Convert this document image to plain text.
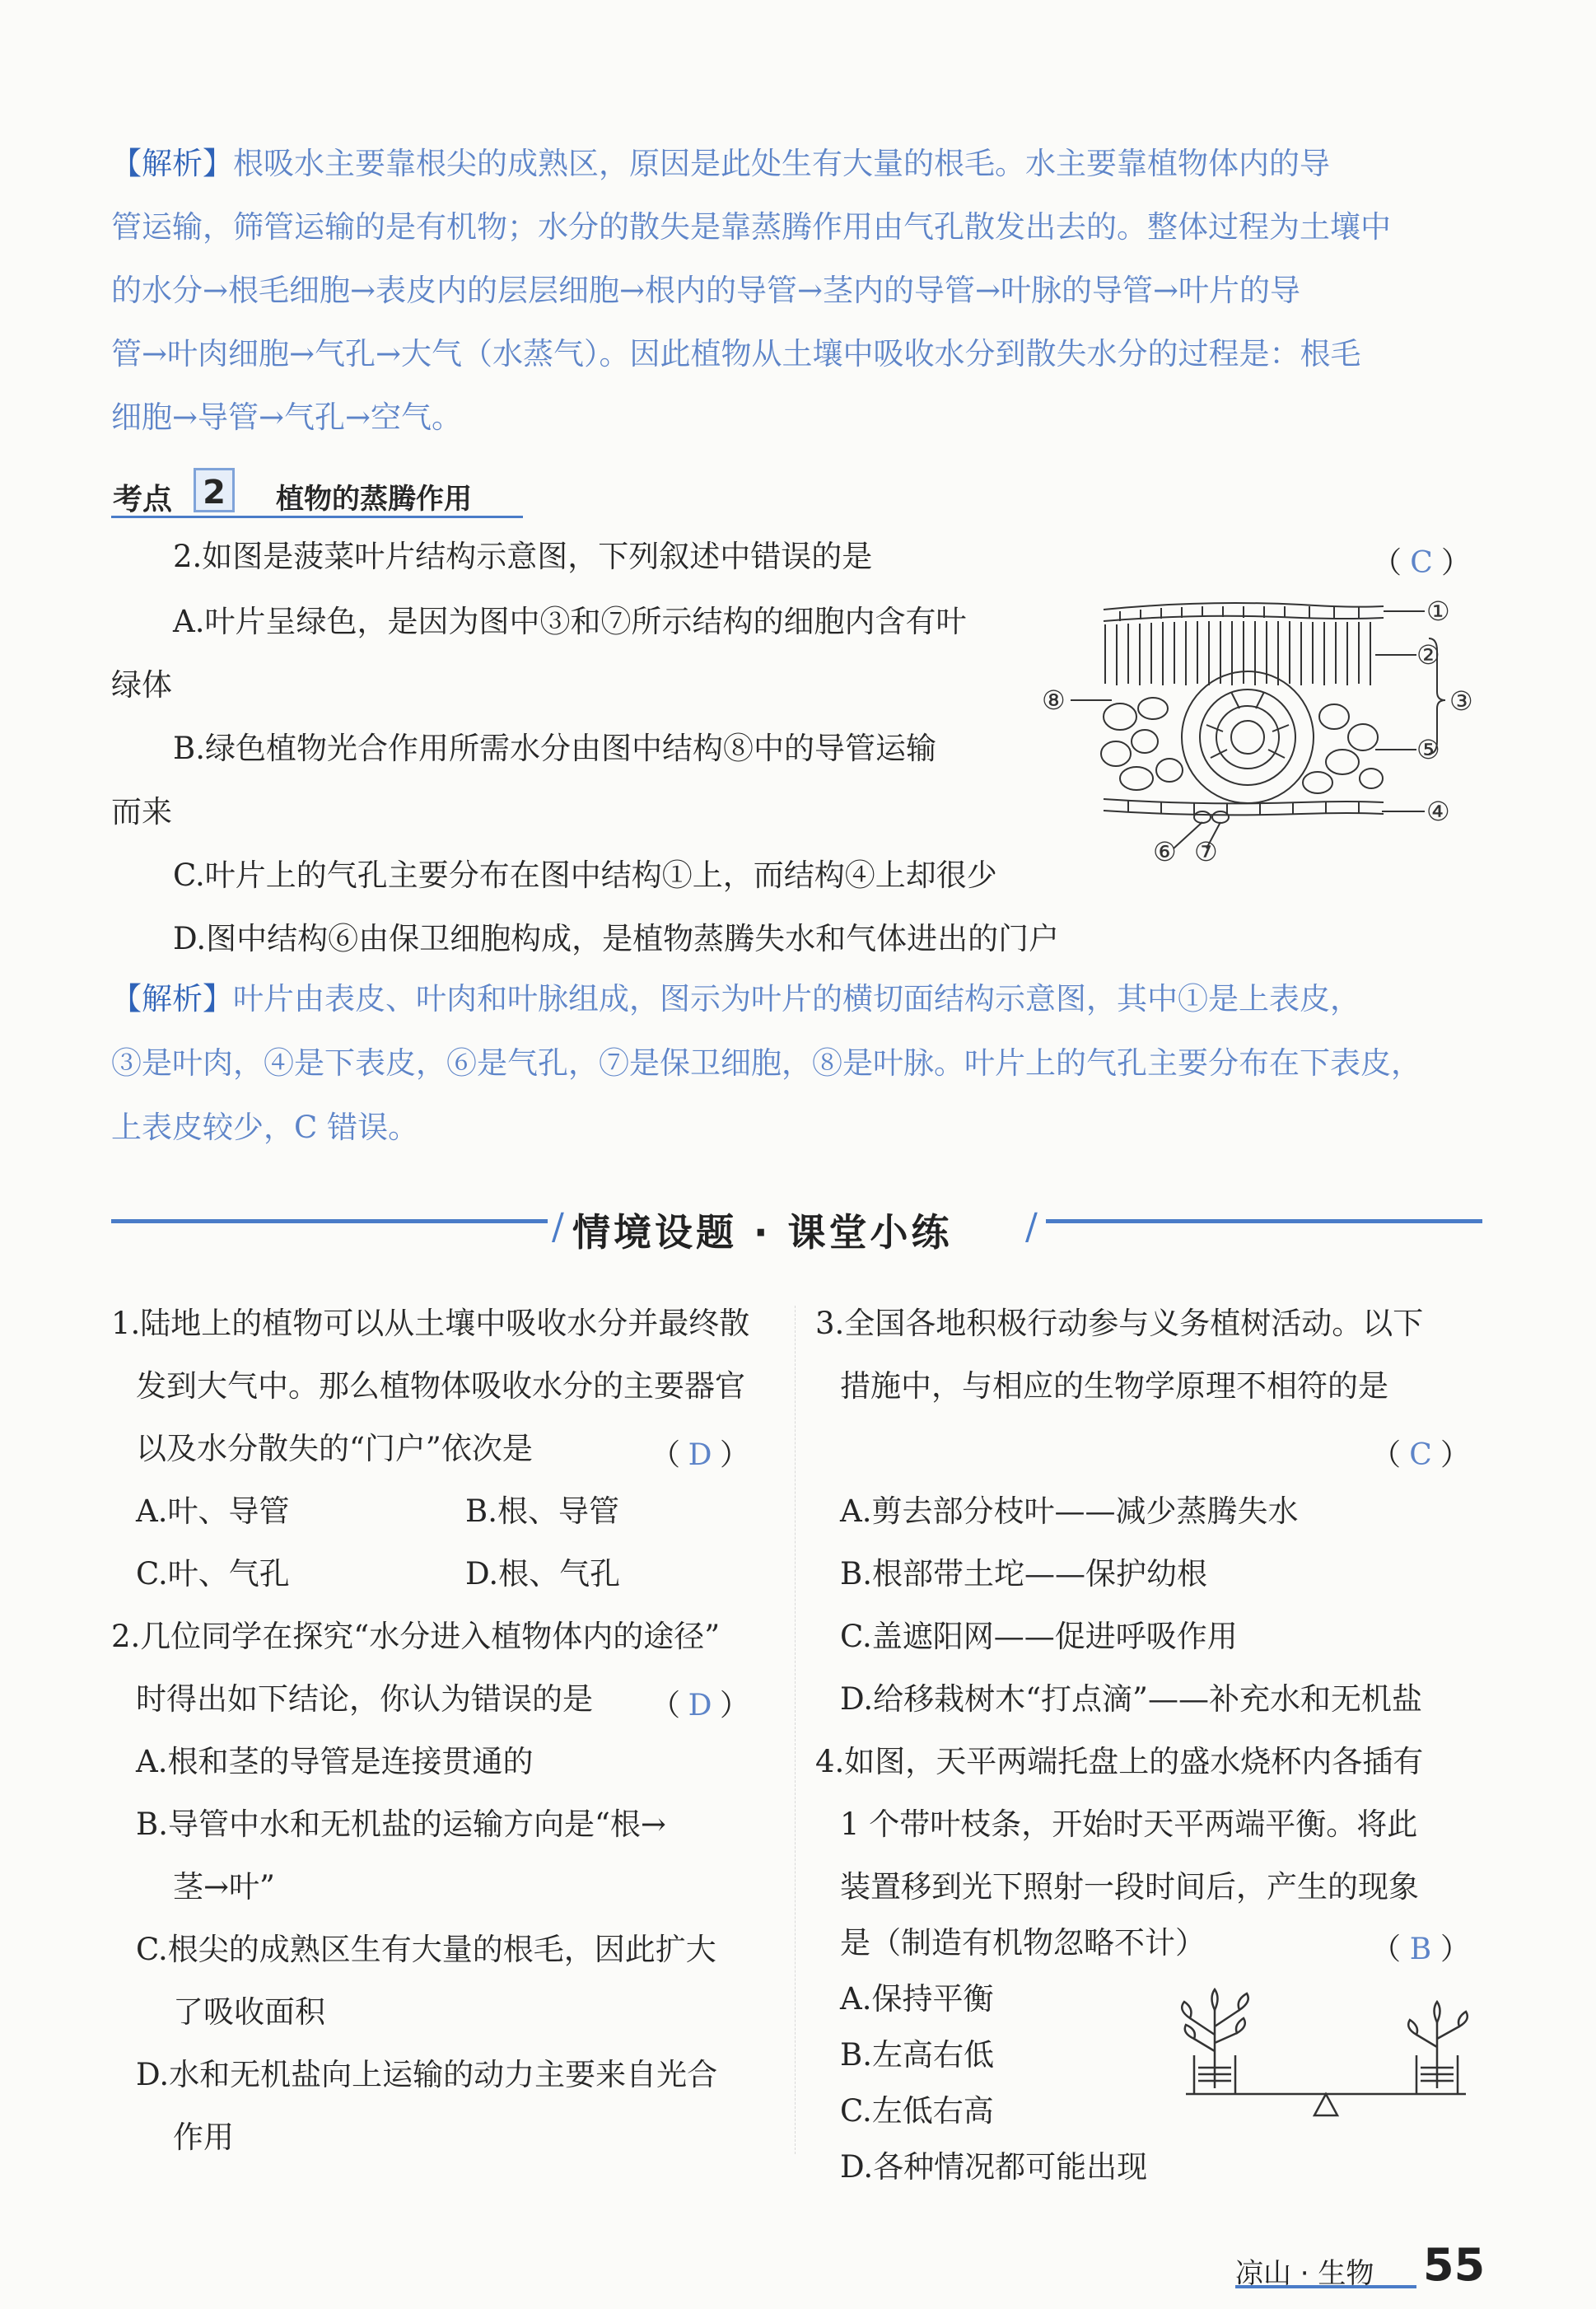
【解析】根吸水主要靠根尖的成熟区，原因是此处生有大量的根毛。水主要靠植物体内的导
管运输，筛管运输的是有机物；水分的散失是靠蒸腾作用由气孔散发出去的。整体过程为土壤中
的水分→根毛细胞→表皮内的层层细胞→根内的导管→茎内的导管→叶脉的导管→叶片的导
管→叶肉细胞→气孔→大气（水蒸气）。因此植物从土壤中吸收水分到散失水分的过程是：根毛
细胞→导管→气孔→空气。
考点 2	植物的蒸腾作用
2.如图是菠菜叶片结构示意图，下列叙述中错误的是	（ C ）
A.叶片呈绿色，是因为图中③和⑦所示结构的细胞内含有叶
绿体
B.绿色植物光合作用所需水分由图中结构⑧中的导管运输
而来
C.叶片上的气孔主要分布在图中结构①上，而结构④上却很少
D.图中结构⑥由保卫细胞构成，是植物蒸腾失水和气体进出的门户
①
②
③
④
⑤
⑥ ⑦
⑧
【解析】叶片由表皮、叶肉和叶脉组成，图示为叶片的横切面结构示意图，其中①是上表皮，
③是叶肉，④是下表皮，⑥是气孔，⑦是保卫细胞，⑧是叶脉。叶片上的气孔主要分布在下表皮，
上表皮较少，C 错误。
/ 情境设题 · 课堂小练 /
1.陆地上的植物可以从土壤中吸收水分并最终散
发到大气中。那么植物体吸收水分的主要器官
以及水分散失的“门户”依次是	（ D ）
A.叶、导管	B.根、导管
C.叶、气孔	D.根、气孔
2.几位同学在探究“水分进入植物体内的途径”
时得出如下结论，你认为错误的是 （ D ）
A.根和茎的导管是连接贯通的
B.导管中水和无机盐的运输方向是“根→
茎→叶”
C.根尖的成熟区生有大量的根毛，因此扩大
了吸收面积
D.水和无机盐向上运输的动力主要来自光合
作用
3.全国各地积极行动参与义务植树活动。以下
措施中，与相应的生物学原理不相符的是
（ C ）
A.剪去部分枝叶——减少蒸腾失水
B.根部带土坨——保护幼根
C.盖遮阳网——促进呼吸作用
D.给移栽树木“打点滴”——补充水和无机盐
4.如图，天平两端托盘上的盛水烧杯内各插有
1 个带叶枝条，开始时天平两端平衡。将此
装置移到光下照射一段时间后，产生的现象
是（制造有机物忽略不计）	（ B ）
A.保持平衡
B.左高右低
C.左低右高
D.各种情况都可能出现
凉山 · 生物 55
